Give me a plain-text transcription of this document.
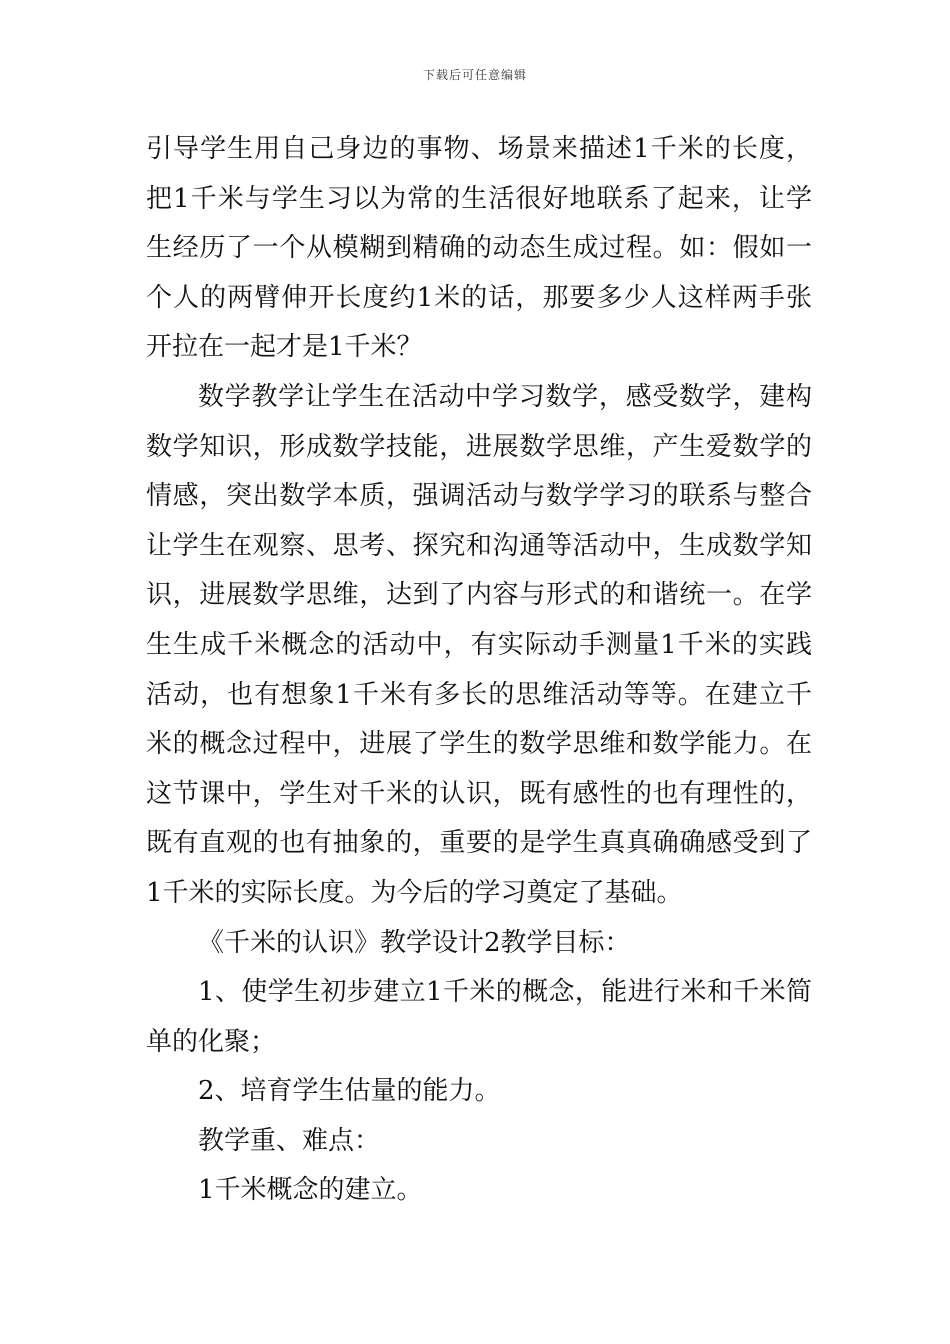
下载后可任意编辑

引导学生用自己身边的事物、场景来描述1千米的长度，把1千米与学生习以为常的生活很好地联系了起来，让学生经历了一个从模糊到精确的动态生成过程。如：假如一个人的两臂伸开长度约1米的话，那要多少人这样两手张开拉在一起才是1千米？

数学教学让学生在活动中学习数学，感受数学，建构数学知识，形成数学技能，进展数学思维，产生爱数学的情感，突出数学本质，强调活动与数学学习的联系与整合让学生在观察、思考、探究和沟通等活动中，生成数学知识，进展数学思维，达到了内容与形式的和谐统一。在学生生成千米概念的活动中，有实际动手测量1千米的实践活动，也有想象1千米有多长的思维活动等等。在建立千米的概念过程中，进展了学生的数学思维和数学能力。在这节课中，学生对千米的认识，既有感性的也有理性的，既有直观的也有抽象的，重要的是学生真真确确感受到了1千米的实际长度。为今后的学习奠定了基础。

《千米的认识》教学设计2教学目标：

1、使学生初步建立1千米的概念，能进行米和千米简单的化聚；

2、培育学生估量的能力。

教学重、难点：

1千米概念的建立。
